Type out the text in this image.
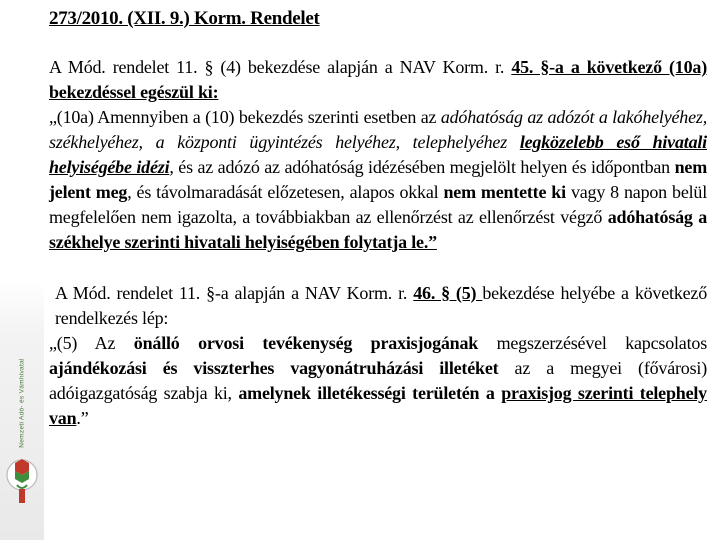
Nemzeti Adó- és Vámhivatal
273/2010. (XII. 9.) Korm. Rendelet

A Mód. rendelet 11. § (4) bekezdése alapján a NAV Korm. r. 45. §-a a következő (10a) bekezdéssel egészül ki:

„(10a) Amennyiben a (10) bekezdés szerinti esetben az adóhatóság az adózót a lakóhelyéhez, székhelyéhez, a központi ügyintézés helyéhez, telephelyéhez legközelebb eső hivatali helyiségébe idézi, és az adózó az adóhatóság idézésében megjelölt helyen és időpontban nem jelent meg, és távolmaradását előzetesen, alapos okkal nem mentette ki vagy 8 napon belül megfelelően nem igazolta, a továbbiakban az ellenőrzést az ellenőrzést végző adóhatóság a székhelye szerinti hivatali helyiségében folytatja le.”

A Mód. rendelet 11. §-a alapján a NAV Korm. r. 46. § (5) bekezdése helyébe a következő rendelkezés lép:

„(5) Az önálló orvosi tevékenység praxisjogának megszerzésével kapcsolatos ajándékozási és visszterhes vagyonátruházási illetéket az a megyei (fővárosi) adóigazgatóság szabja ki, amelynek illetékességi területén a praxisjog szerinti telephely van.”
